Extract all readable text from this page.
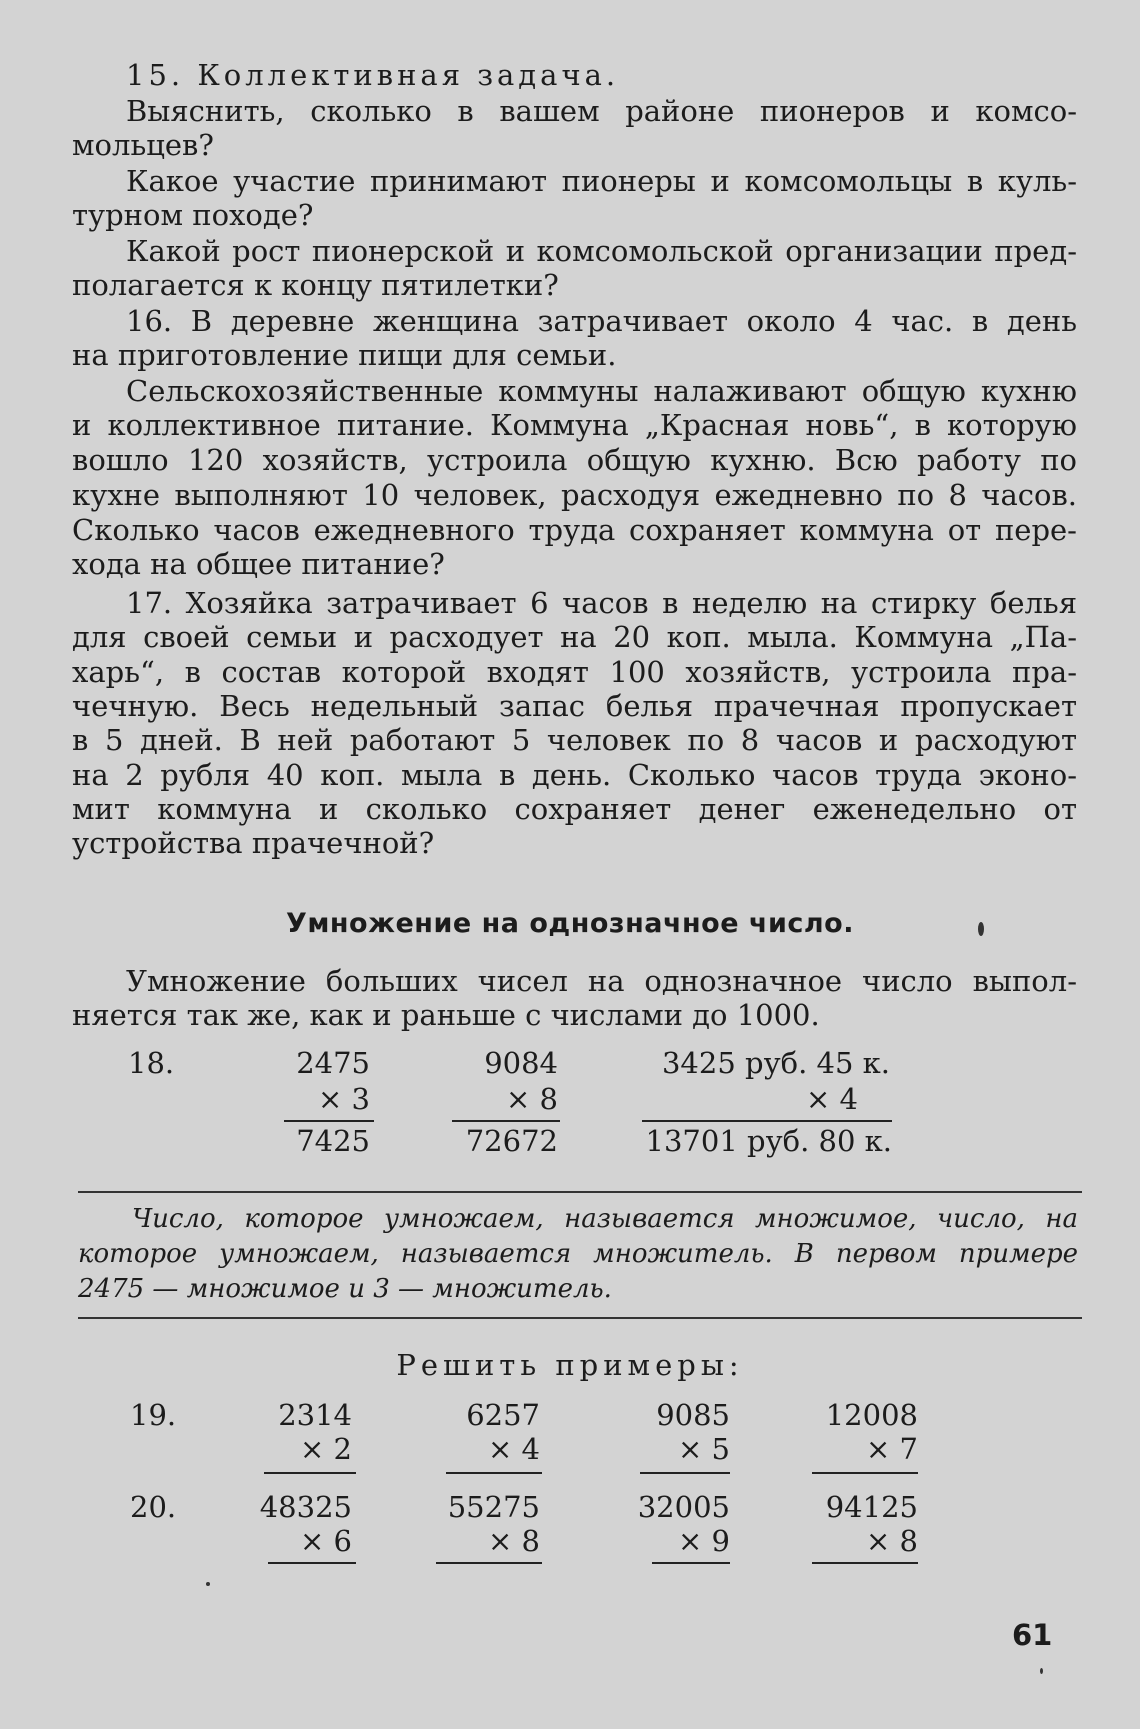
15. Коллективная задача.
Выяснить, сколько в вашем районе пионеров и комсо-
мольцев?
Какое участие принимают пионеры и комсомольцы в куль-
турном походе?
Какой рост пионерской и комсомольской организации пред-
полагается к концу пятилетки?
16. В деревне женщина затрачивает около 4 час. в день
на приготовление пищи для семьи.
Сельскохозяйственные коммуны налаживают общую кухню
и коллективное питание. Коммуна „Красная новь“, в которую
вошло 120 хозяйств, устроила общую кухню. Всю работу по
кухне выполняют 10 человек, расходуя ежедневно по 8 часов.
Сколько часов ежедневного труда сохраняет коммуна от пере-
хода на общее питание?
17. Хозяйка затрачивает 6 часов в неделю на стирку белья
для своей семьи и расходует на 20 коп. мыла. Коммуна „Па-
харь“, в состав которой входят 100 хозяйств, устроила пра-
чечную. Весь недельный запас белья прачечная пропускает
в 5 дней. В ней работают 5 человек по 8 часов и расходуют
на 2 рубля 40 коп. мыла в день. Сколько часов труда эконо-
мит коммуна и сколько сохраняет денег еженедельно от
устройства прачечной?
Умножение на однозначное число.
Умножение больших чисел на однозначное число выпол-
няется так же, как и раньше с числами до 1000.
18.	2475
× 3
7425
9084
× 8
72672
3425 руб. 45 к.
× 4
13701 руб. 80 к.
Число, которое умножаем, называется множимое, число, на
которое умножаем, называется множитель. В первом примере
2475 — множимое и 3 — множитель.
Решить примеры:
19.	2314
× 2
6257
× 4
9085
× 5
12008
× 7
20.	48325
× 6
55275
× 8
32005
× 9
94125
× 8
61
